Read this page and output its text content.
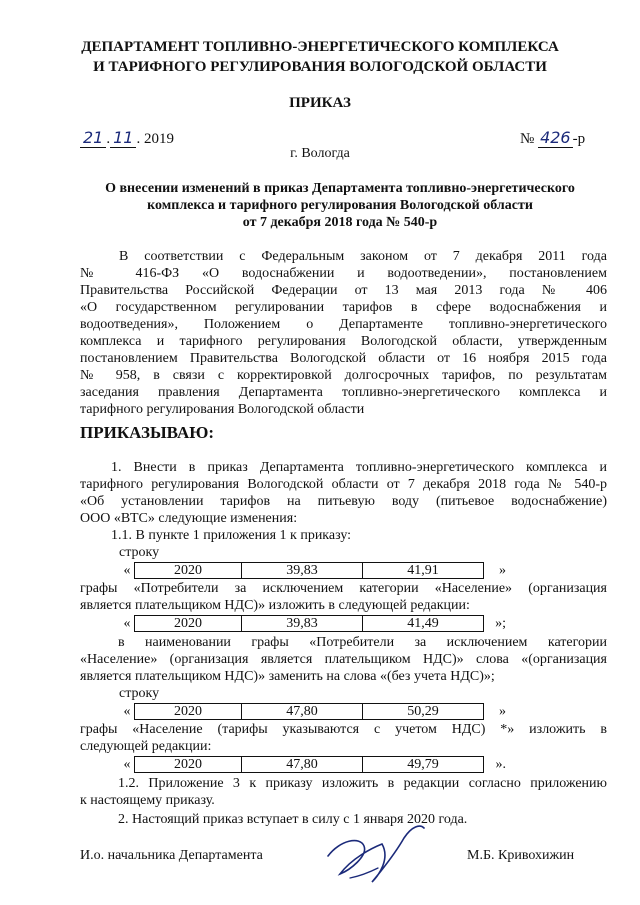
ДЕПАРТАМЕНТ ТОПЛИВНО-ЭНЕРГЕТИЧЕСКОГО КОМПЛЕКСА
И ТАРИФНОГО РЕГУЛИРОВАНИЯ ВОЛОГОДСКОЙ ОБЛАСТИ
ПРИКАЗ
21 . 11 . 2019	№ 426 -р
г. Вологда
О внесении изменений в приказ Департамента топливно-энергетического
комплекса и тарифного регулирования Вологодской области
от 7 декабря 2018 года № 540-р
В соответствии с Федеральным законом от 7 декабря 2011 года
№ 416-ФЗ «О водоснабжении и водоотведении», постановлением
Правительства Российской Федерации от 13 мая 2013 года № 406
«О государственном регулировании тарифов в сфере водоснабжения и
водоотведения», Положением о Департаменте топливно-энергетического
комплекса и тарифного регулирования Вологодской области, утвержденным
постановлением Правительства Вологодской области от 16 ноября 2015 года
№ 958, в связи с корректировкой долгосрочных тарифов, по результатам
заседания правления Департамента топливно-энергетического комплекса и
тарифного регулирования Вологодской области
ПРИКАЗЫВАЮ:
1. Внести в приказ Департамента топливно-энергетического комплекса и
тарифного регулирования Вологодской области от 7 декабря 2018 года № 540-р
«Об установлении тарифов на питьевую воду (питьевое водоснабжение)
ООО «ВТС» следующие изменения:
1.1. В пункте 1 приложения 1 к приказу:
строку
«	2020	39,83	41,91	»
графы «Потребители за исключением категории «Население» (организация
является плательщиком НДС)» изложить в следующей редакции:
«	2020	39,83	41,49	»;
в наименовании графы «Потребители за исключением категории
«Население» (организация является плательщиком НДС)» слова «(организация
является плательщиком НДС)» заменить на слова «(без учета НДС)»;
строку
«	2020	47,80	50,29	»
графы «Население (тарифы указываются с учетом НДС) *» изложить в
следующей редакции:
«	2020	47,80	49,79	».
1.2. Приложение 3 к приказу изложить в редакции согласно приложению
к настоящему приказу.
2. Настоящий приказ вступает в силу с 1 января 2020 года.
И.о. начальника Департамента	М.Б. Кривохижин
